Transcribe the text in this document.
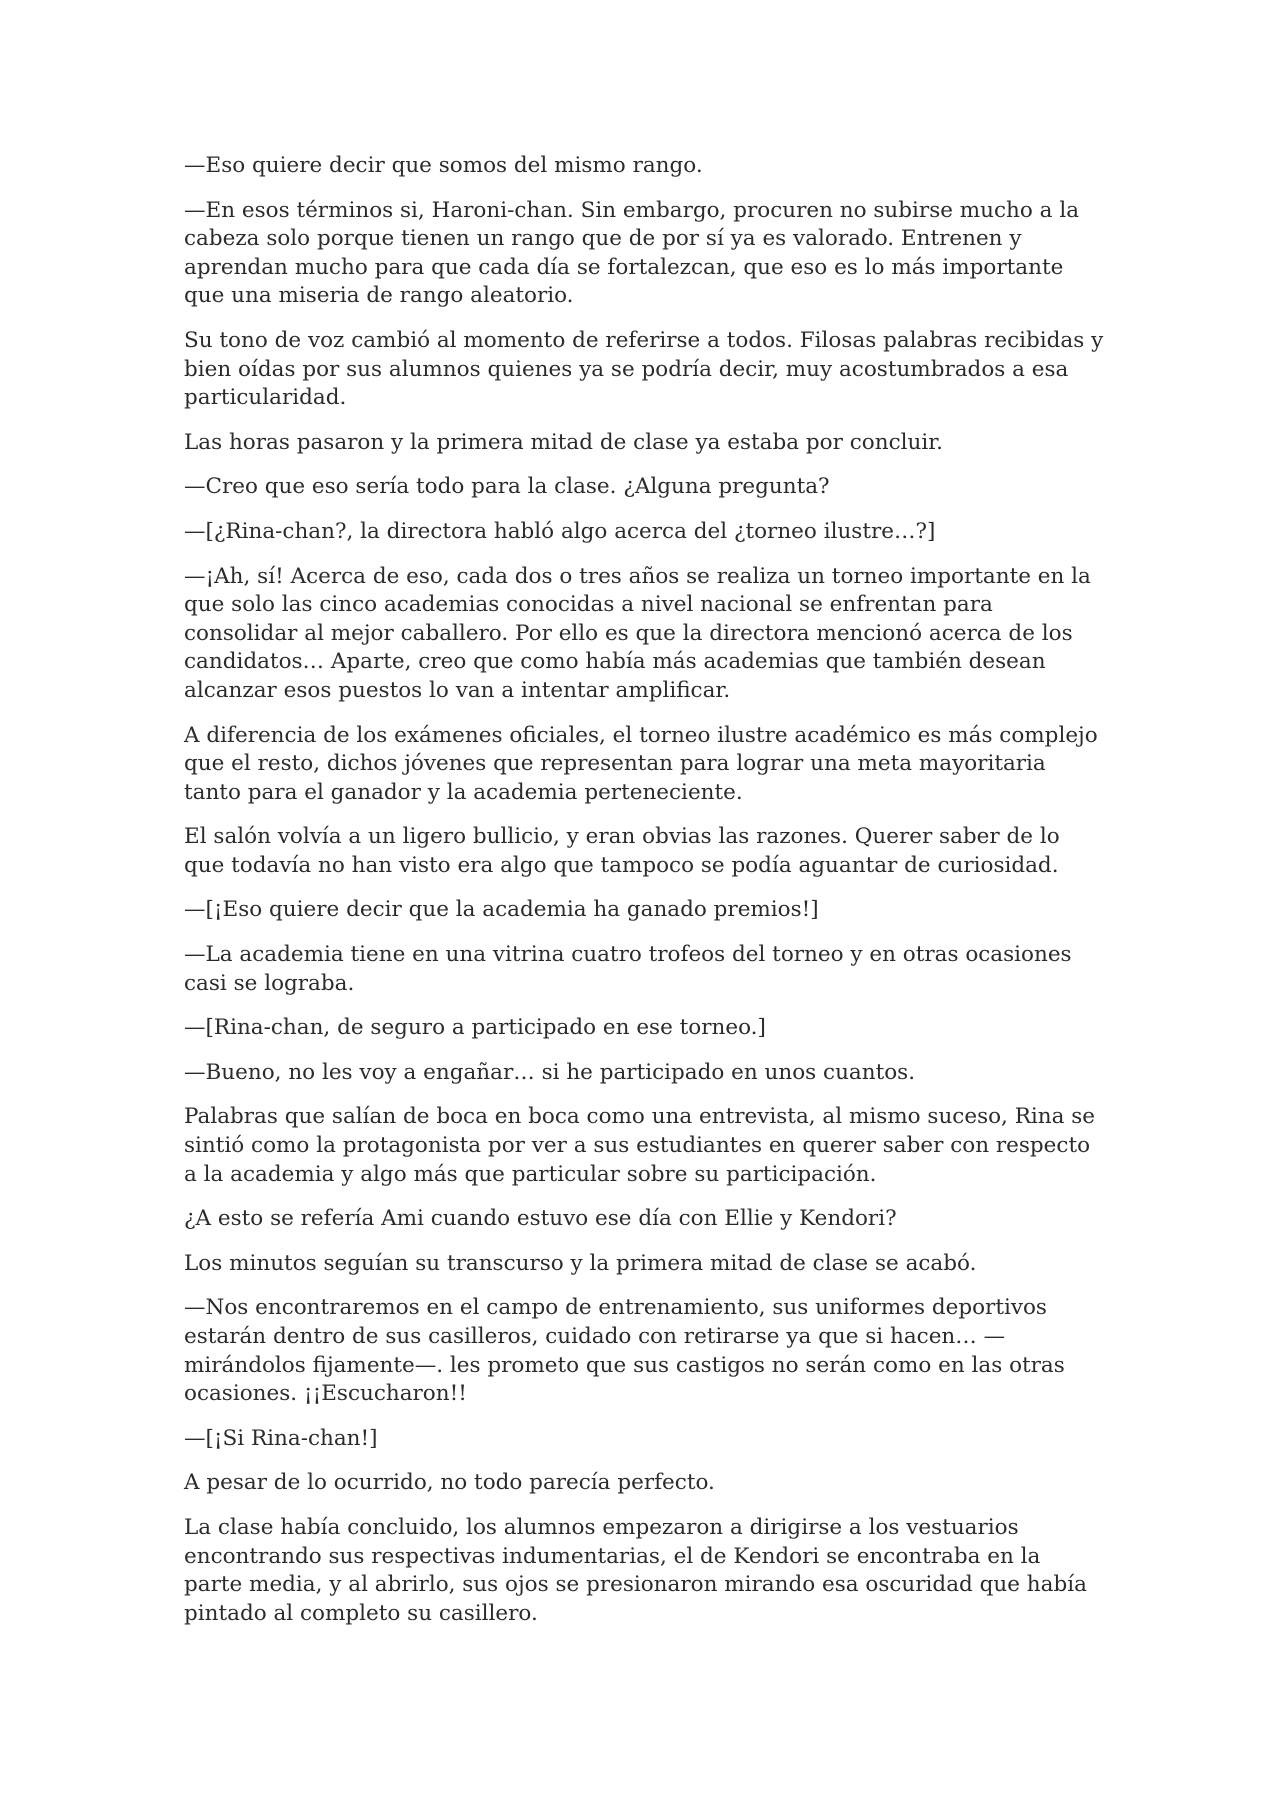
—Eso quiere decir que somos del mismo rango.

—En esos términos si, Haroni-chan. Sin embargo, procuren no subirse mucho a la cabeza solo porque tienen un rango que de por sí ya es valorado. Entrenen y aprendan mucho para que cada día se fortalezcan, que eso es lo más importante que una miseria de rango aleatorio.

Su tono de voz cambió al momento de referirse a todos. Filosas palabras recibidas y bien oídas por sus alumnos quienes ya se podría decir, muy acostumbrados a esa particularidad.

Las horas pasaron y la primera mitad de clase ya estaba por concluir.

—Creo que eso sería todo para la clase. ¿Alguna pregunta?

—[¿Rina-chan?, la directora habló algo acerca del ¿torneo ilustre…?]

—¡Ah, sí! Acerca de eso, cada dos o tres años se realiza un torneo importante en la que solo las cinco academias conocidas a nivel nacional se enfrentan para consolidar al mejor caballero. Por ello es que la directora mencionó acerca de los candidatos… Aparte, creo que como había más academias que también desean alcanzar esos puestos lo van a intentar amplificar.

A diferencia de los exámenes oficiales, el torneo ilustre académico es más complejo que el resto, dichos jóvenes que representan para lograr una meta mayoritaria tanto para el ganador y la academia perteneciente.

El salón volvía a un ligero bullicio, y eran obvias las razones. Querer saber de lo que todavía no han visto era algo que tampoco se podía aguantar de curiosidad.

—[¡Eso quiere decir que la academia ha ganado premios!]

—La academia tiene en una vitrina cuatro trofeos del torneo y en otras ocasiones casi se lograba.

—[Rina-chan, de seguro a participado en ese torneo.]

—Bueno, no les voy a engañar… si he participado en unos cuantos.

Palabras que salían de boca en boca como una entrevista, al mismo suceso, Rina se sintió como la protagonista por ver a sus estudiantes en querer saber con respecto a la academia y algo más que particular sobre su participación.

¿A esto se refería Ami cuando estuvo ese día con Ellie y Kendori?

Los minutos seguían su transcurso y la primera mitad de clase se acabó.

—Nos encontraremos en el campo de entrenamiento, sus uniformes deportivos estarán dentro de sus casilleros, cuidado con retirarse ya que si hacen… —mirándolos fijamente—. les prometo que sus castigos no serán como en las otras ocasiones. ¡¡Escucharon!!

—[¡Si Rina-chan!]

A pesar de lo ocurrido, no todo parecía perfecto.

La clase había concluido, los alumnos empezaron a dirigirse a los vestuarios encontrando sus respectivas indumentarias, el de Kendori se encontraba en la parte media, y al abrirlo, sus ojos se presionaron mirando esa oscuridad que había pintado al completo su casillero.
